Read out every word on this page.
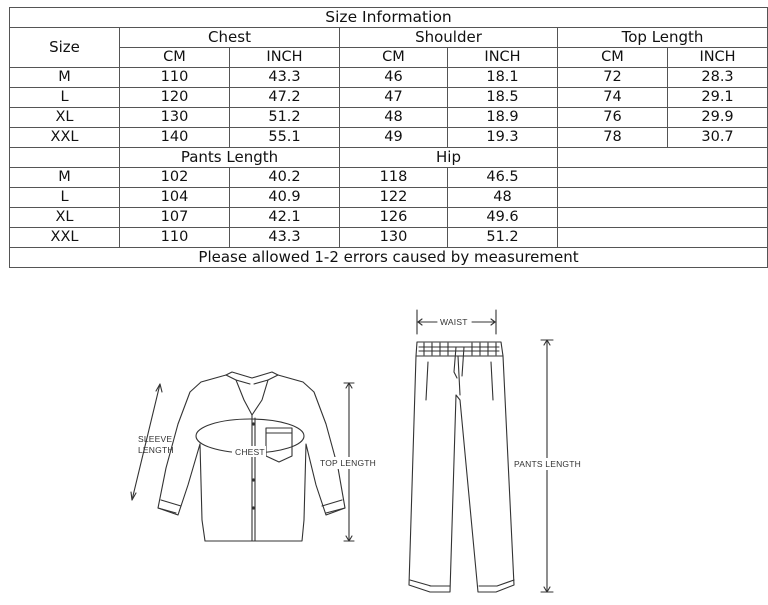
Size Information						
Size	Chest		Shoulder		Top Length	
	CM	INCH	CM	INCH	CM	INCH
M	110	43.3	46	18.1	72	28.3
L	120	47.2	47	18.5	74	29.1
XL	130	51.2	48	18.9	76	29.9
XXL	140	55.1	49	19.3	78	30.7
	Pants Length		Hip			
M	102	40.2	118	46.5		
L	104	40.9	122	48		
XL	107	42.1	126	49.6		
XXL	110	43.3	130	51.2		
Please allowed 1-2 errors caused by measurement						
SLEEVE
LENGTH	CHEST
TOP LENGTH
WAIST
PANTS LENGTH
